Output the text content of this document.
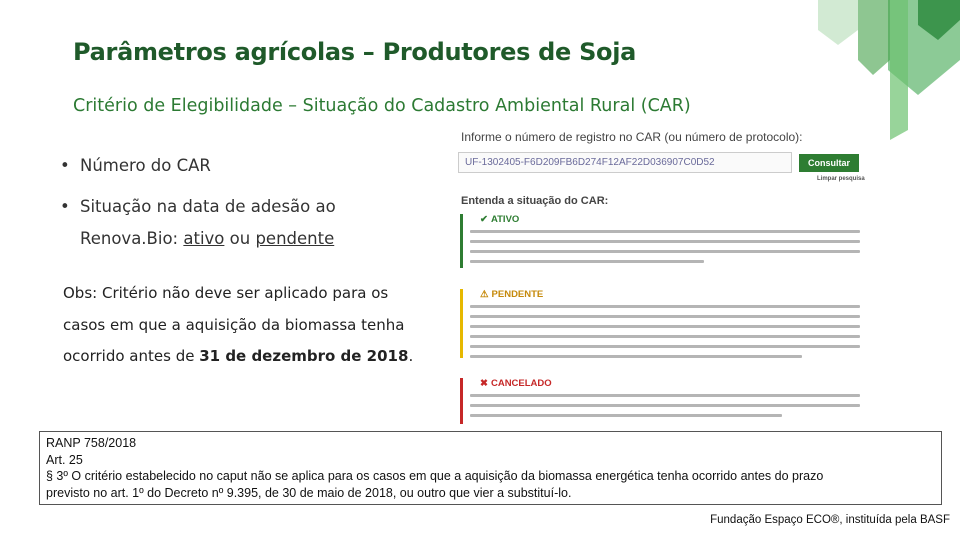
Parâmetros agrícolas – Produtores de Soja
Critério de Elegibilidade – Situação do Cadastro Ambiental Rural (CAR)
• Número do CAR
• Situação na data de adesão ao
Renova.Bio: ativo ou pendente
Obs: Critério não deve ser aplicado para os casos em que a aquisição da biomassa tenha ocorrido antes de 31 de dezembro de 2018.
Informe o número de registro no CAR (ou número de protocolo):
UF-1302405-F6D209FB6D274F12AF22D036907C0D52	Consultar
Limpar pesquisa
Entenda a situação do CAR:
✔ ATIVO
⚠ PENDENTE
✖ CANCELADO
RANP 758/2018
Art. 25
§ 3º O critério estabelecido no caput não se aplica para os casos em que a aquisição da biomassa energética tenha ocorrido antes do prazo
previsto no art. 1º do Decreto nº 9.395, de 30 de maio de 2018, ou outro que vier a substituí-lo.
Fundação Espaço ECO®, instituída pela BASF
